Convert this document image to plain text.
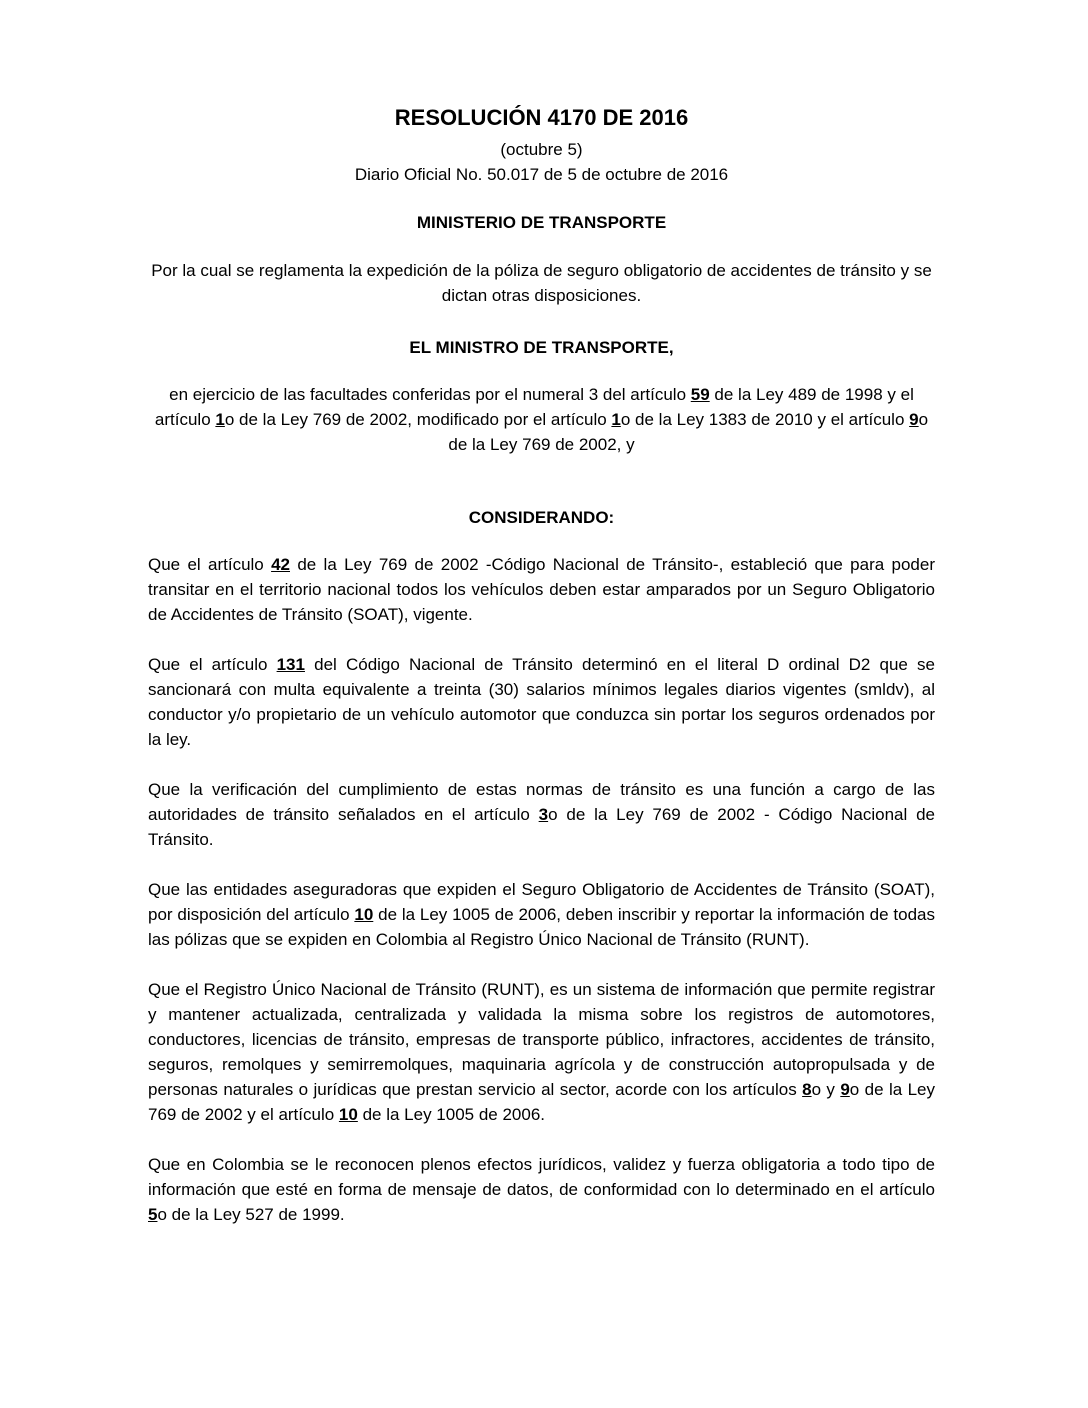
RESOLUCIÓN 4170 DE 2016
(octubre 5)
Diario Oficial No. 50.017 de 5 de octubre de 2016
MINISTERIO DE TRANSPORTE
Por la cual se reglamenta la expedición de la póliza de seguro obligatorio de accidentes de tránsito y se dictan otras disposiciones.
EL MINISTRO DE TRANSPORTE,
en ejercicio de las facultades conferidas por el numeral 3 del artículo 59 de la Ley 489 de 1998 y el artículo 1o de la Ley 769 de 2002, modificado por el artículo 1o de la Ley 1383 de 2010 y el artículo 9o de la Ley 769 de 2002, y
CONSIDERANDO:

Que el artículo 42 de la Ley 769 de 2002 -Código Nacional de Tránsito-, estableció que para poder transitar en el territorio nacional todos los vehículos deben estar amparados por un Seguro Obligatorio de Accidentes de Tránsito (SOAT), vigente.

Que el artículo 131 del Código Nacional de Tránsito determinó en el literal D ordinal D2 que se sancionará con multa equivalente a treinta (30) salarios mínimos legales diarios vigentes (smldv), al conductor y/o propietario de un vehículo automotor que conduzca sin portar los seguros ordenados por la ley.

Que la verificación del cumplimiento de estas normas de tránsito es una función a cargo de las autoridades de tránsito señalados en el artículo 3o de la Ley 769 de 2002 - Código Nacional de Tránsito.

Que las entidades aseguradoras que expiden el Seguro Obligatorio de Accidentes de Tránsito (SOAT), por disposición del artículo 10 de la Ley 1005 de 2006, deben inscribir y reportar la información de todas las pólizas que se expiden en Colombia al Registro Único Nacional de Tránsito (RUNT).

Que el Registro Único Nacional de Tránsito (RUNT), es un sistema de información que permite registrar y mantener actualizada, centralizada y validada la misma sobre los registros de automotores, conductores, licencias de tránsito, empresas de transporte público, infractores, accidentes de tránsito, seguros, remolques y semirremolques, maquinaria agrícola y de construcción autopropulsada y de personas naturales o jurídicas que prestan servicio al sector, acorde con los artículos 8o y 9o de la Ley 769 de 2002 y el artículo 10 de la Ley 1005 de 2006.

Que en Colombia se le reconocen plenos efectos jurídicos, validez y fuerza obligatoria a todo tipo de información que esté en forma de mensaje de datos, de conformidad con lo determinado en el artículo 5o de la Ley 527 de 1999.
